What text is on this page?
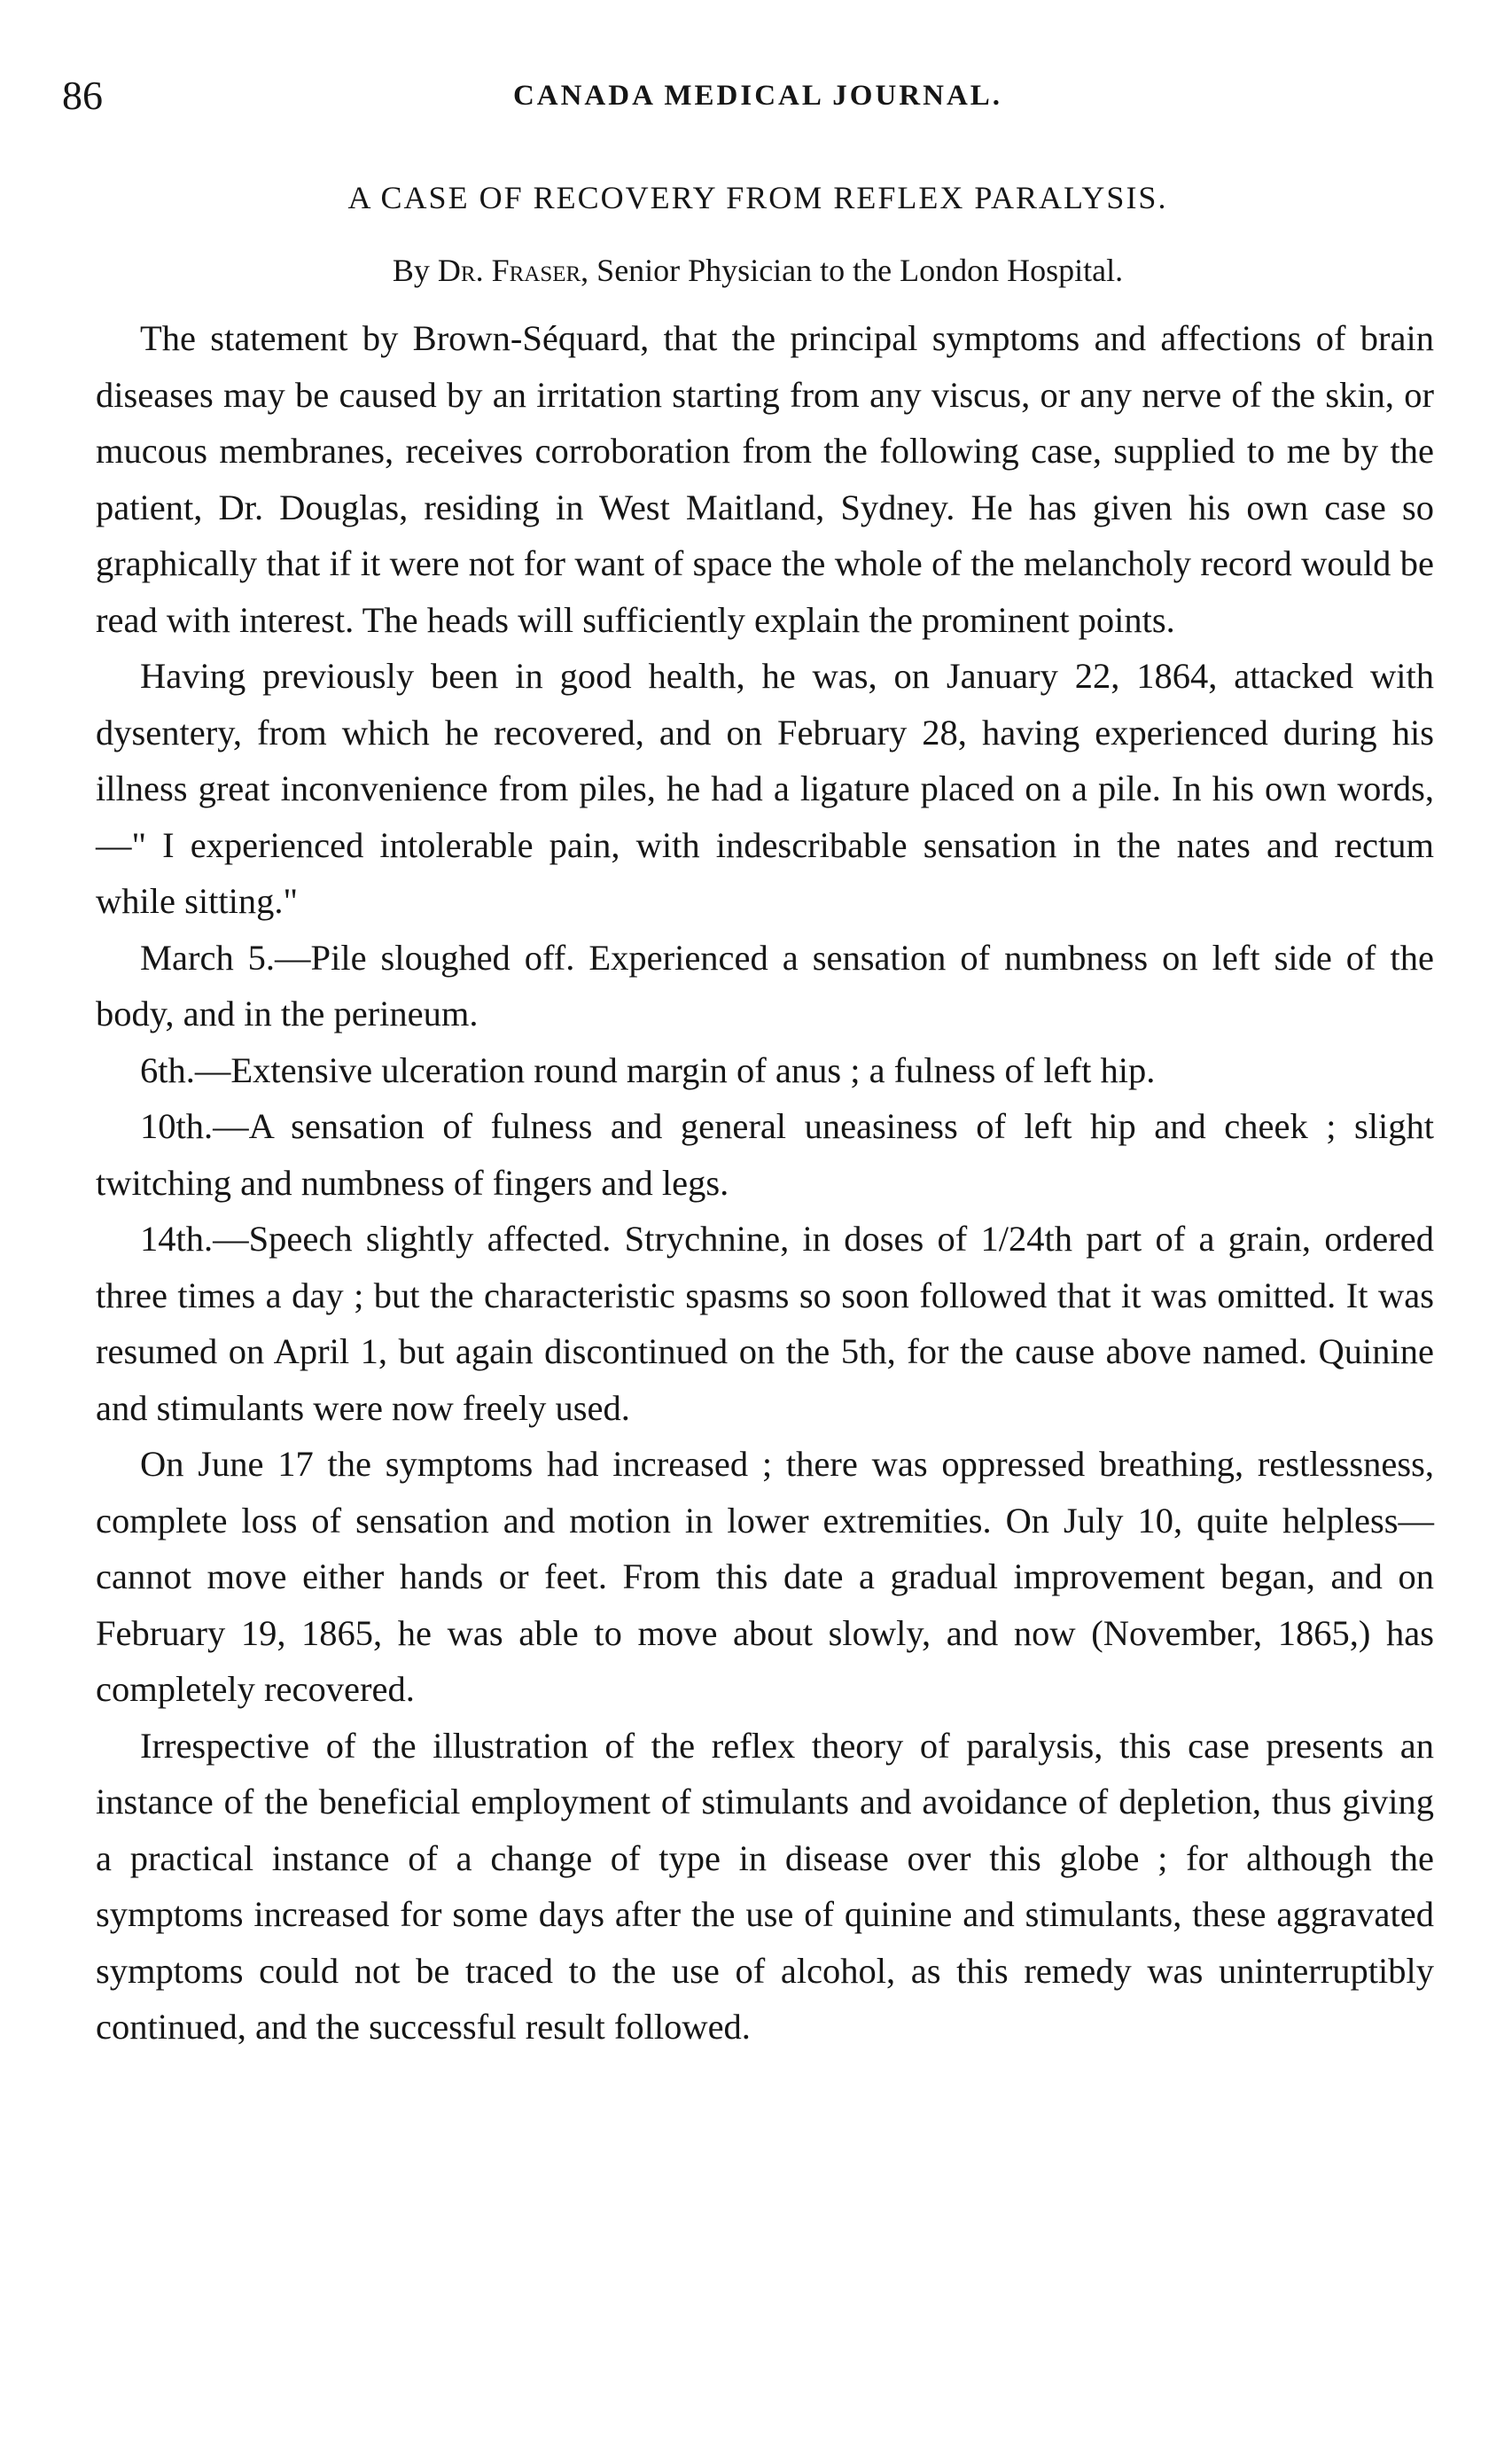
86	CANADA MEDICAL JOURNAL.
A CASE OF RECOVERY FROM REFLEX PARALYSIS.
By Dr. Fraser, Senior Physician to the London Hospital.

The statement by Brown-Séquard, that the principal symptoms and affections of brain diseases may be caused by an irritation starting from any viscus, or any nerve of the skin, or mucous membranes, receives corroboration from the following case, supplied to me by the patient, Dr. Douglas, residing in West Maitland, Sydney. He has given his own case so graphically that if it were not for want of space the whole of the melancholy record would be read with interest. The heads will sufficiently explain the prominent points.

Having previously been in good health, he was, on January 22, 1864, attacked with dysentery, from which he recovered, and on February 28, having experienced during his illness great inconvenience from piles, he had a ligature placed on a pile. In his own words,—" I experienced intolerable pain, with indescribable sensation in the nates and rectum while sitting."

March 5.—Pile sloughed off. Experienced a sensation of numbness on left side of the body, and in the perineum.

6th.—Extensive ulceration round margin of anus ; a fulness of left hip.

10th.—A sensation of fulness and general uneasiness of left hip and cheek ; slight twitching and numbness of fingers and legs.

14th.—Speech slightly affected. Strychnine, in doses of 1/24th part of a grain, ordered three times a day ; but the characteristic spasms so soon followed that it was omitted. It was resumed on April 1, but again discontinued on the 5th, for the cause above named. Quinine and stimulants were now freely used.

On June 17 the symptoms had increased ; there was oppressed breathing, restlessness, complete loss of sensation and motion in lower extremities. On July 10, quite helpless—cannot move either hands or feet. From this date a gradual improvement began, and on February 19, 1865, he was able to move about slowly, and now (November, 1865,) has completely recovered.

Irrespective of the illustration of the reflex theory of paralysis, this case presents an instance of the beneficial employment of stimulants and avoidance of depletion, thus giving a practical instance of a change of type in disease over this globe ; for although the symptoms increased for some days after the use of quinine and stimulants, these aggravated symptoms could not be traced to the use of alcohol, as this remedy was uninterruptibly continued, and the successful result followed.
